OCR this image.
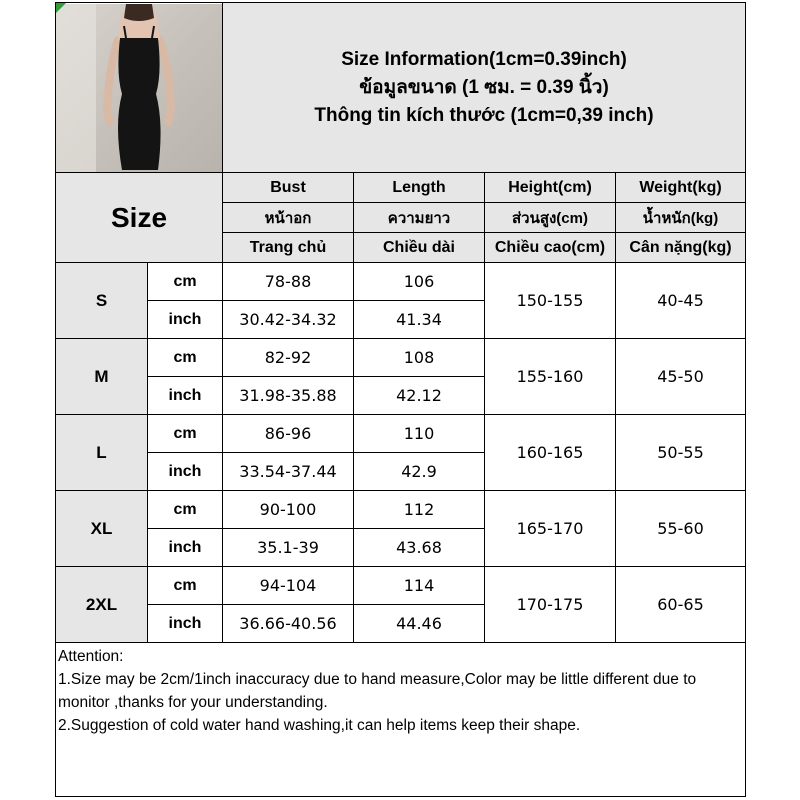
Size Information(1cm=0.39inch)
ข้อมูลขนาด (1 ซม. = 0.39 นิ้ว)
Thông tin kích thước (1cm=0,39 inch)			

Size		Bust	Length	Height(cm)	Weight(kg)
		หน้าอก	ความยาว	ส่วนสูง(cm)	น้ำหนัก(kg)
		Trang chủ	Chiều dài	Chiều cao(cm)	Cân nặng(kg)
S	cm	78-88	106	150-155	40-45
	inch	30.42-34.32	41.34		
M	cm	82-92	108	155-160	45-50
	inch	31.98-35.88	42.12		
L	cm	86-96	110	160-165	50-55
	inch	33.54-37.44	42.9		
XL	cm	90-100	112	165-170	55-60
	inch	35.1-39	43.68		
2XL	cm	94-104	114	170-175	60-65
	inch	36.66-40.56	44.46		

Attention:
1.Size may be 2cm/1inch inaccuracy due to hand measure,Color may be little different due to monitor ,thanks for your understanding.
2.Suggestion of cold water hand washing,it can help items keep their shape.					
